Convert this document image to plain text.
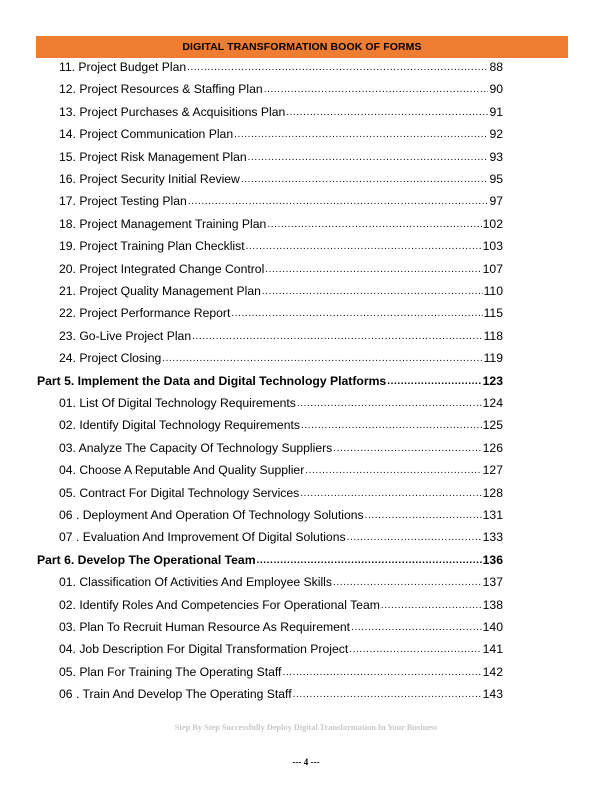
DIGITAL TRANSFORMATION BOOK OF FORMS
11. Project Budget Plan .....	88
12. Project Resources & Staffing Plan .....	90
13. Project Purchases & Acquisitions Plan .....	91
14. Project Communication Plan .....	92
15. Project Risk Management Plan .....	93
16. Project Security Initial Review .....	95
17. Project Testing Plan .....	97
18. Project Management Training Plan .....	102
19. Project Training Plan Checklist .....	103
20. Project Integrated Change Control .....	107
21. Project Quality Management Plan .....	110
22. Project Performance Report .....	115
23. Go-Live Project Plan .....	118
24. Project Closing .....	119
Part 5. Implement the Data and Digital Technology Platforms .....	123
01. List Of Digital Technology Requirements .....	124
02. Identify Digital Technology Requirements .....	125
03. Analyze The Capacity Of Technology Suppliers .....	126
04. Choose A Reputable And Quality Supplier .....	127
05. Contract For Digital Technology Services .....	128
06 . Deployment And Operation Of Technology Solutions .....	131
07 . Evaluation And Improvement Of Digital Solutions .....	133
Part 6. Develop The Operational Team .....	136
01. Classification Of Activities And Employee Skills .....	137
02. Identify Roles And Competencies For Operational Team .....	138
03. Plan To Recruit Human Resource As Requirement .....	140
04. Job Description For Digital Transformation Project .....	141
05. Plan For Training The Operating Staff .....	142
06 . Train And Develop The Operating Staff .....	143
Step By Step Successfully Deploy Digital Transformation In Your Business
--- 4 ---
